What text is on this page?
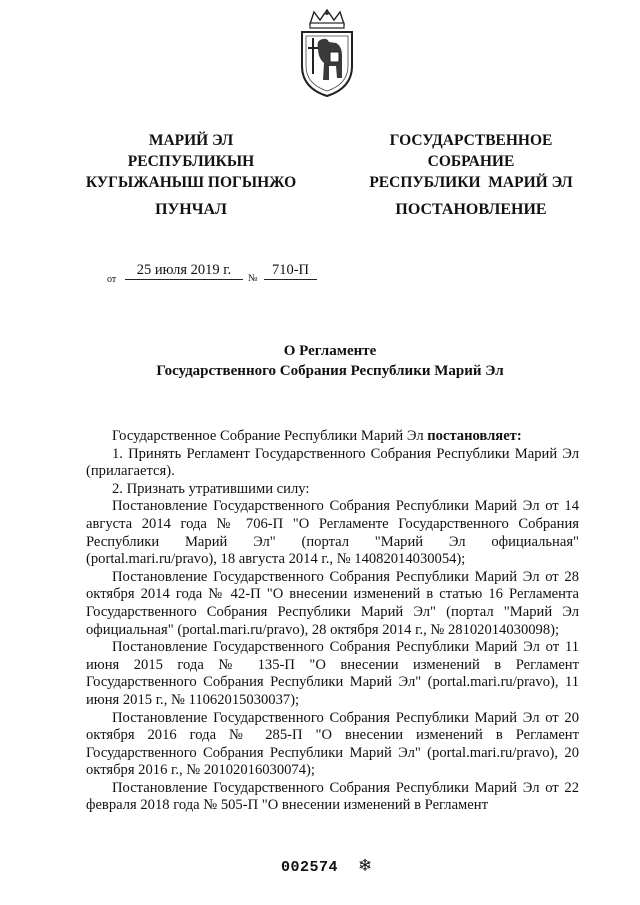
МАРИЙ ЭЛ
РЕСПУБЛИКЫН
КУГЫЖАНЫШ ПОГЫНЖО
ГОСУДАРСТВЕННОЕ
СОБРАНИЕ
РЕСПУБЛИКИ  МАРИЙ ЭЛ
ПУНЧАЛ	ПОСТАНОВЛЕНИЕ
от
25 июля 2019 г.
№
710-П
О Регламенте
Государственного Собрания Республики Марий Эл

Государственное Собрание Республики Марий Эл постановляет:

1. Принять Регламент Государственного Собрания Республики Марий Эл (прилагается).

2. Признать утратившими силу:

Постановление Государственного Собрания Республики Марий Эл от 14 августа 2014 года № 706-П "О Регламенте Государственного Собрания Республики Марий Эл" (портал "Марий Эл официальная" (portal.mari.ru/pravo), 18 августа 2014 г., № 14082014030054);

Постановление Государственного Собрания Республики Марий Эл от 28 октября 2014 года № 42-П "О внесении изменений в статью 16 Регламента Государственного Собрания Республики Марий Эл" (портал "Марий Эл официальная" (portal.mari.ru/pravo), 28 октября 2014 г., № 28102014030098);

Постановление Государственного Собрания Республики Марий Эл от 11 июня 2015 года № 135-П "О внесении изменений в Регламент Государственного Собрания Республики Марий Эл" (portal.mari.ru/pravo), 11 июня 2015 г., № 11062015030037);

Постановление Государственного Собрания Республики Марий Эл от 20 октября 2016 года № 285-П "О внесении изменений в Регламент Государственного Собрания Республики Марий Эл" (portal.mari.ru/pravo), 20 октября 2016 г., № 20102016030074);

Постановление Государственного Собрания Республики Марий Эл от 22 февраля 2018 года № 505-П "О внесении изменений в Регламент

002574 ❄
